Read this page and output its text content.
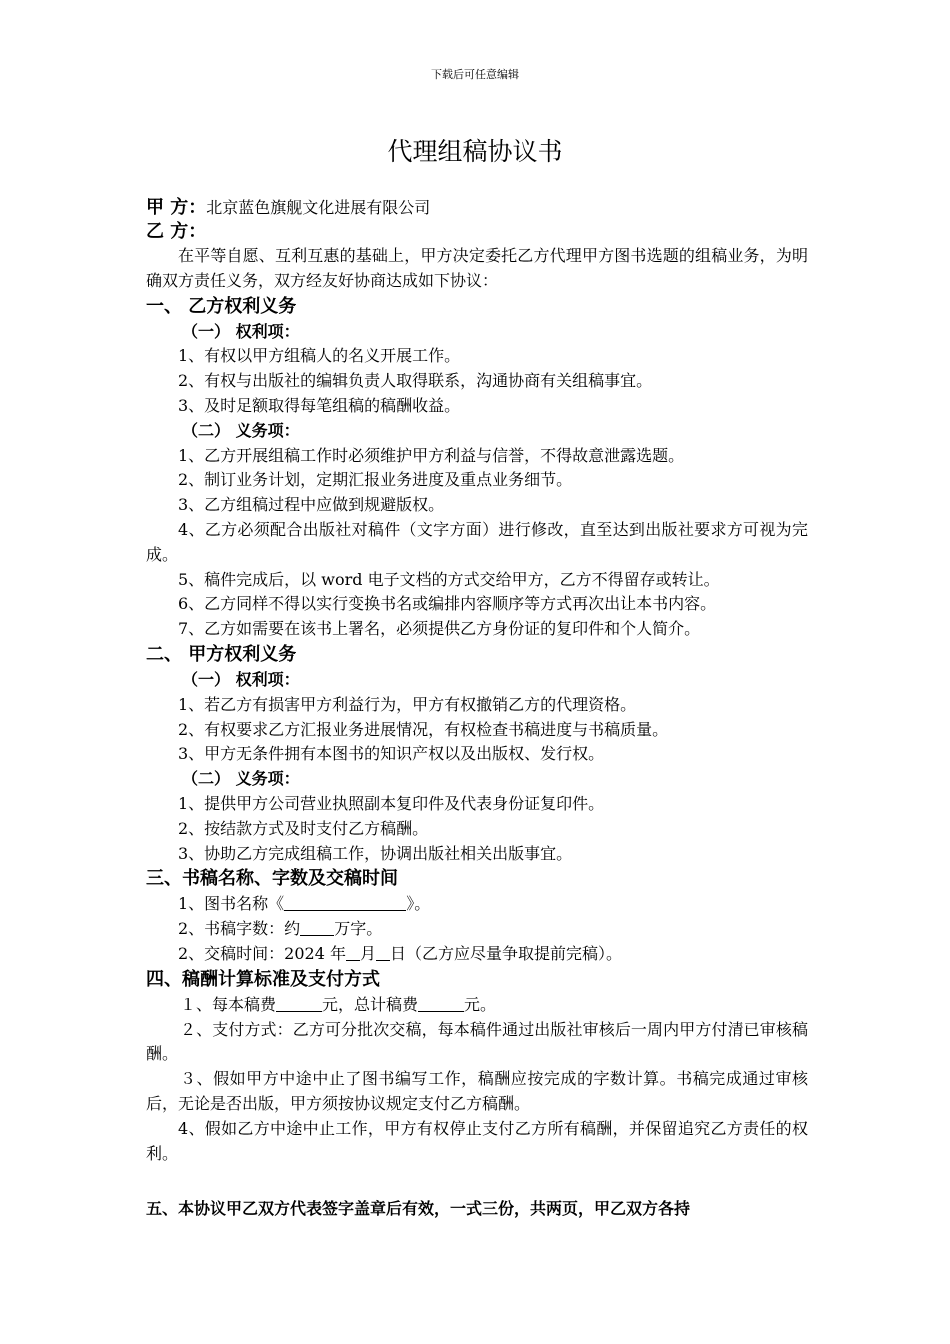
下载后可任意编辑
代理组稿协议书
甲 方：北京蓝色旗舰文化进展有限公司
乙 方：
在平等自愿、互利互惠的基础上，甲方决定委托乙方代理甲方图书选题的组稿业务，为明确双方责任义务，双方经友好协商达成如下协议：
一、 乙方权利义务
（一） 权利项：
1、有权以甲方组稿人的名义开展工作。
2、有权与出版社的编辑负责人取得联系，沟通协商有关组稿事宜。
3、及时足额取得每笔组稿的稿酬收益。
（二） 义务项：
1、乙方开展组稿工作时必须维护甲方利益与信誉，不得故意泄露选题。
2、制订业务计划，定期汇报业务进度及重点业务细节。
3、乙方组稿过程中应做到规避版权。
4、乙方必须配合出版社对稿件（文字方面）进行修改，直至达到出版社要求方可视为完成。
5、稿件完成后，以 word 电子文档的方式交给甲方，乙方不得留存或转让。
6、乙方同样不得以实行变换书名或编排内容顺序等方式再次出让本书内容。
7、乙方如需要在该书上署名，必须提供乙方身份证的复印件和个人简介。
二、 甲方权利义务
（一） 权利项：
1、若乙方有损害甲方利益行为，甲方有权撤销乙方的代理资格。
2、有权要求乙方汇报业务进展情况，有权检查书稿进度与书稿质量。
3、甲方无条件拥有本图书的知识产权以及出版权、发行权。
（二） 义务项：
1、提供甲方公司营业执照副本复印件及代表身份证复印件。
2、按结款方式及时支付乙方稿酬。
3、协助乙方完成组稿工作，协调出版社相关出版事宜。
三、书稿名称、字数及交稿时间
1、图书名称《	》。
2、书稿字数：约 万字。
2、交稿时间：2024 年 月 日（乙方应尽量争取提前完稿）。
四、稿酬计算标准及支付方式
１、每本稿费	元，总计稿费	元。
２、支付方式：乙方可分批次交稿，每本稿件通过出版社审核后一周内甲方付清已审核稿酬。
３、假如甲方中途中止了图书编写工作，稿酬应按完成的字数计算。书稿完成通过审核后，无论是否出版，甲方须按协议规定支付乙方稿酬。
4、假如乙方中途中止工作，甲方有权停止支付乙方所有稿酬，并保留追究乙方责任的权利。
五、本协议甲乙双方代表签字盖章后有效，一式三份，共两页，甲乙双方各持
